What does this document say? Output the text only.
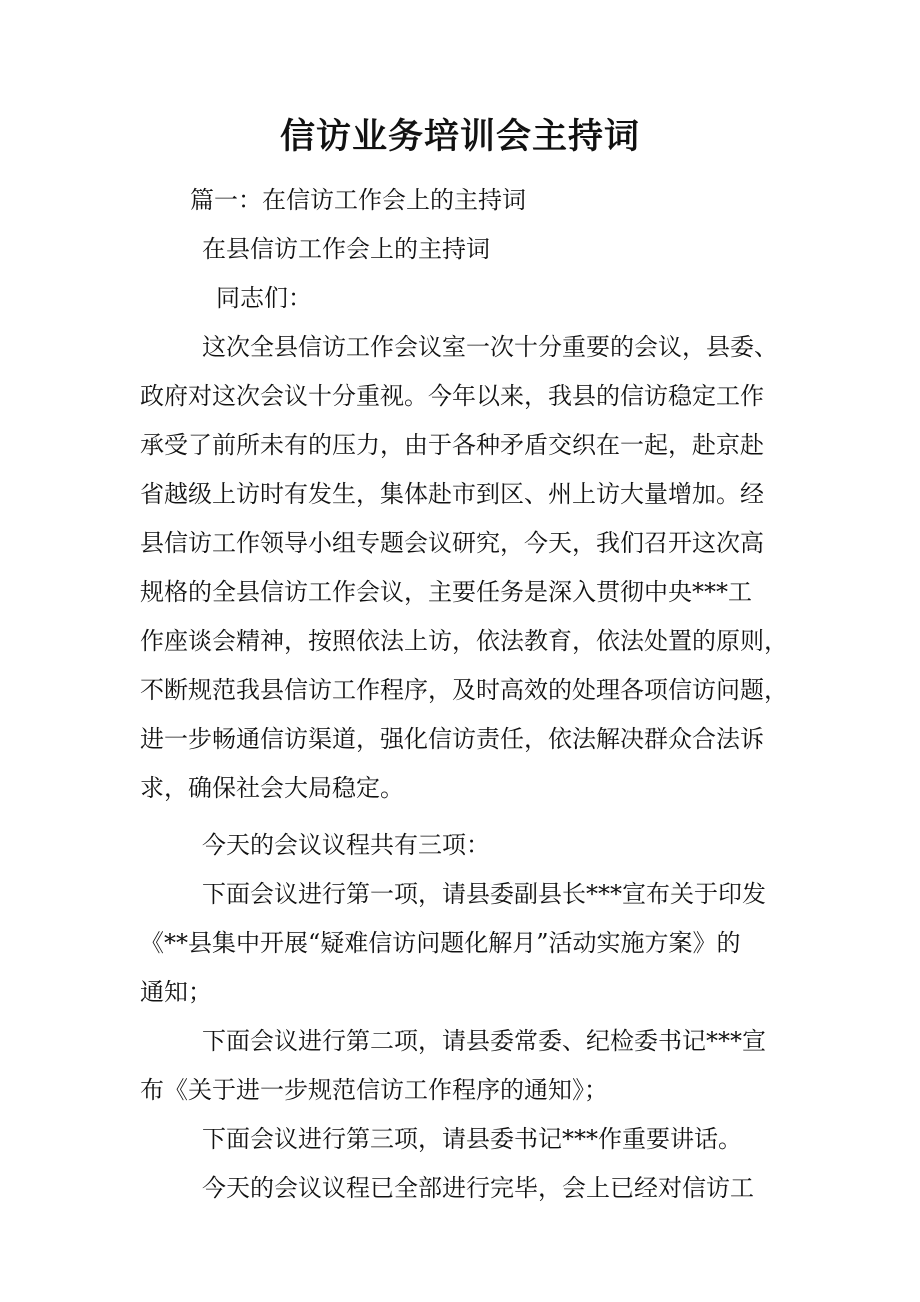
信访业务培训会主持词
篇一：在信访工作会上的主持词
在县信访工作会上的主持词
同志们：
这次全县信访工作会议室一次十分重要的会议，县委、
政府对这次会议十分重视。今年以来，我县的信访稳定工作
承受了前所未有的压力，由于各种矛盾交织在一起，赴京赴
省越级上访时有发生，集体赴市到区、州上访大量增加。经
县信访工作领导小组专题会议研究，今天，我们召开这次高
规格的全县信访工作会议，主要任务是深入贯彻中央***工
作座谈会精神，按照依法上访，依法教育，依法处置的原则，
不断规范我县信访工作程序，及时高效的处理各项信访问题，
进一步畅通信访渠道，强化信访责任，依法解决群众合法诉
求，确保社会大局稳定。
今天的会议议程共有三项：
下面会议进行第一项，请县委副县长***宣布关于印发
《**县集中开展“疑难信访问题化解月”活动实施方案》的
通知；
下面会议进行第二项，请县委常委、纪检委书记***宣
布《关于进一步规范信访工作程序的通知》；
下面会议进行第三项，请县委书记***作重要讲话。
今天的会议议程已全部进行完毕，会上已经对信访工
